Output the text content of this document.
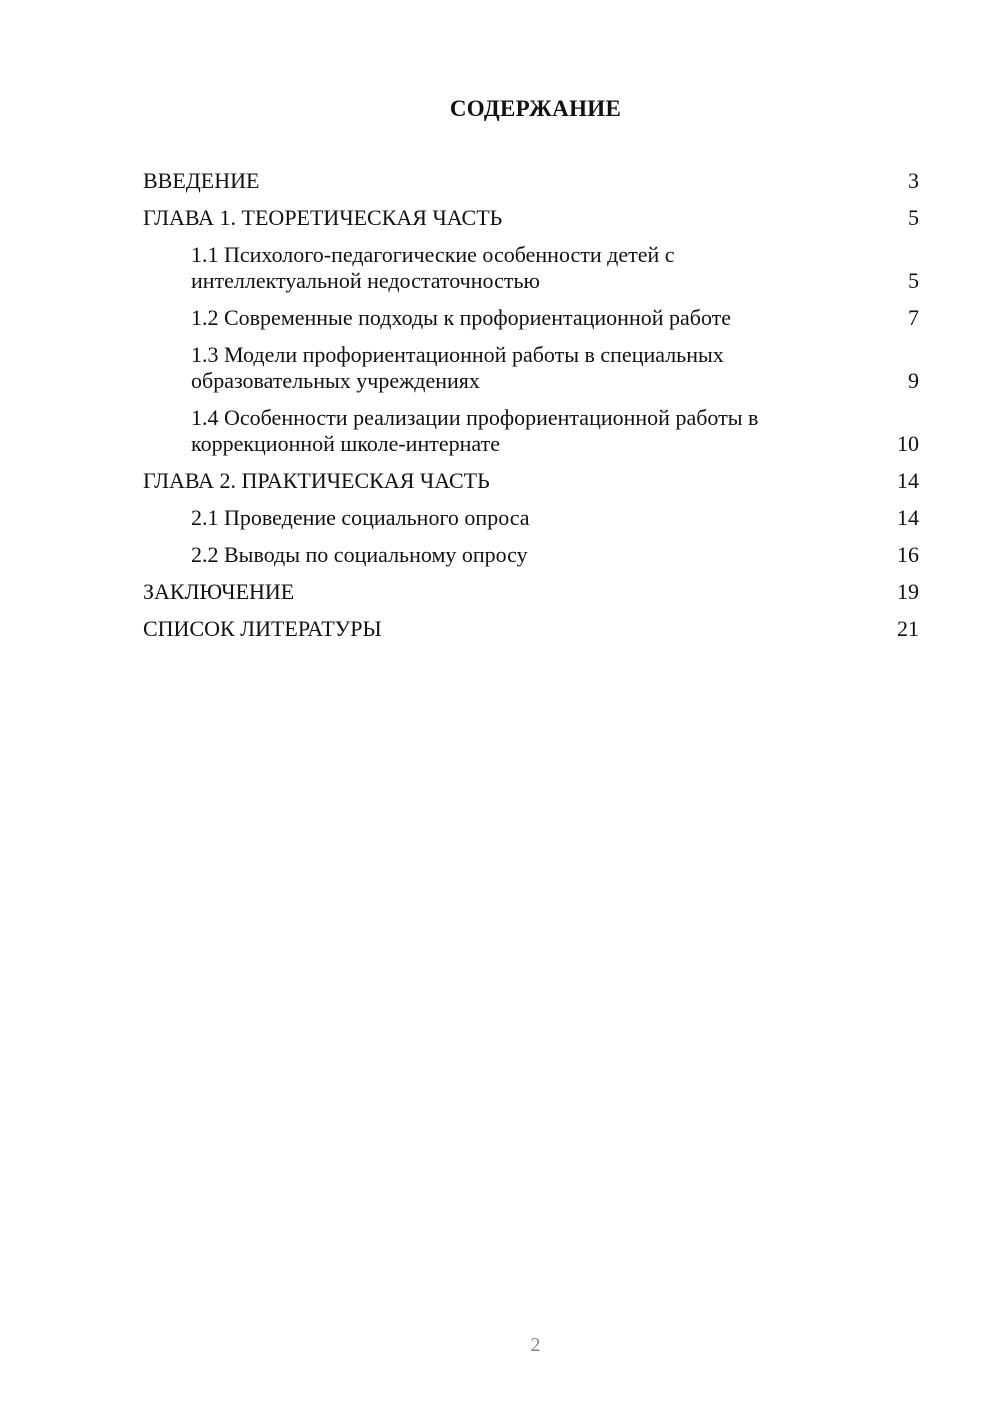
СОДЕРЖАНИЕ
ВВЕДЕНИЕ	3
ГЛАВА 1. ТЕОРЕТИЧЕСКАЯ ЧАСТЬ	5
1.1 Психолого-педагогические особенности детей с интеллектуальной недостаточностью	5
1.2 Современные подходы к профориентационной работе	7
1.3 Модели профориентационной работы в специальных образовательных учреждениях	9
1.4 Особенности реализации профориентационной работы в коррекционной школе-интернате	10
ГЛАВА 2. ПРАКТИЧЕСКАЯ ЧАСТЬ	14
2.1 Проведение социального опроса	14
2.2 Выводы по социальному опросу	16
ЗАКЛЮЧЕНИЕ	19
СПИСОК ЛИТЕРАТУРЫ	21
2
